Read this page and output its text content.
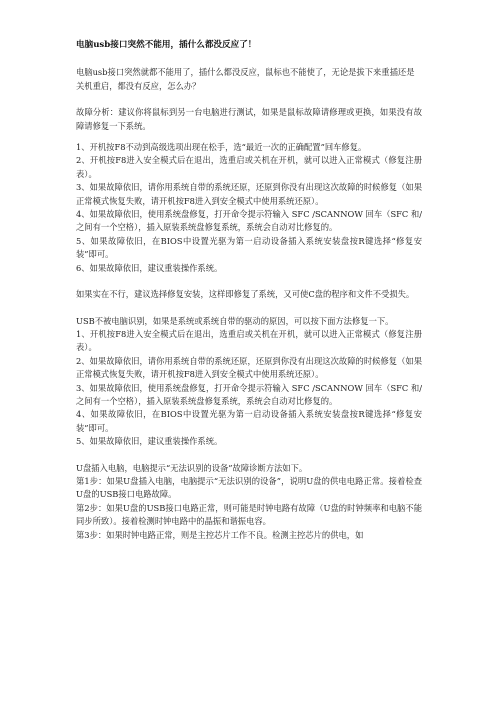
电脑usb接口突然不能用，插什么都没反应了！

电脑usb接口突然就都不能用了，插什么都没反应，鼠标也不能使了，无论是拔下来重插还是关机重启，都没有反应，怎么办？

故障分析：建议你将鼠标到另一台电脑进行测试，如果是鼠标故障请修理或更换，如果没有故障请修复一下系统。

1、开机按F8不动到高级选项出现在松手，选“最近一次的正确配置”回车修复。

2、开机按F8进入安全模式后在退出，选重启或关机在开机，就可以进入正常模式（修复注册表）。

3、如果故障依旧，请你用系统自带的系统还原，还原到你没有出现这次故障的时候修复（如果正常模式恢复失败，请开机按F8进入到安全模式中使用系统还原）。

4、如果故障依旧，使用系统盘修复，打开命令提示符输入 SFC /SCANNOW 回车（SFC 和/之间有一个空格），插入原装系统盘修复系统，系统会自动对比修复的。

5、如果故障依旧，在BIOS中设置光驱为第一启动设备插入系统安装盘按R键选择“修复安装”即可。

6、如果故障依旧，建议重装操作系统。

如果实在不行，建议选择修复安装，这样即修复了系统，又可使C盘的程序和文件不受损失。

USB不被电脑识别，如果是系统或系统自带的驱动的原因，可以按下面方法修复一下。

1、开机按F8进入安全模式后在退出，选重启或关机在开机，就可以进入正常模式（修复注册表）。

2、如果故障依旧，请你用系统自带的系统还原，还原到你没有出现这次故障的时候修复（如果正常模式恢复失败，请开机按F8进入到安全模式中使用系统还原）。

3、如果故障依旧，使用系统盘修复，打开命令提示符输入 SFC /SCANNOW 回车（SFC 和/之间有一个空格），插入原装系统盘修复系统，系统会自动对比修复的。

4、如果故障依旧，在BIOS中设置光驱为第一启动设备插入系统安装盘按R键选择“修复安装”即可。

5、如果故障依旧，建议重装操作系统。

U盘插入电脑，电脑提示“无法识别的设备”故障诊断方法如下。

第1步：如果U盘插入电脑，电脑提示“无法识别的设备”，说明U盘的供电电路正常。接着检查U盘的USB接口电路故障。

第2步：如果U盘的USB接口电路正常，则可能是时钟电路有故障（U盘的时钟频率和电脑不能同步所致）。接着检测时钟电路中的晶振和谐振电容。

第3步：如果时钟电路正常，则是主控芯片工作不良。检测主控芯片的供电，如
